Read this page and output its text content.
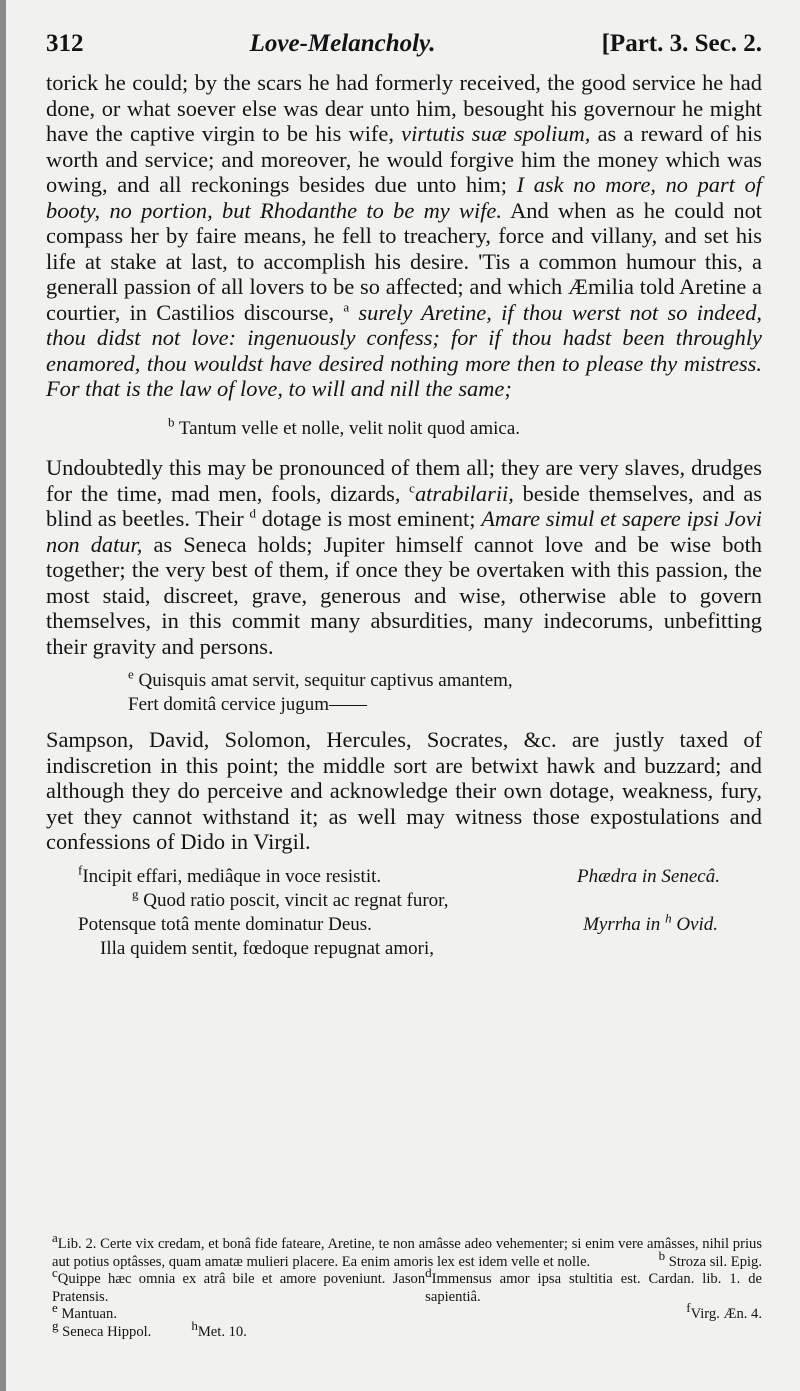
312	Love-Melancholy.	[Part. 3. Sec. 2.

torick he could; by the scars he had formerly received, the good service he had done, or what soever else was dear unto him, besought his governour he might have the captive virgin to be his wife, virtutis suæ spolium, as a reward of his worth and service; and moreover, he would forgive him the money which was owing, and all reckonings besides due unto him; I ask no more, no part of booty, no portion, but Rhodanthe to be my wife. And when as he could not compass her by faire means, he fell to treachery, force and villany, and set his life at stake at last, to accomplish his desire. 'Tis a common humour this, a generall passion of all lovers to be so affected; and which Æmilia told Aretine a courtier, in Castilios discourse, $^a$ surely Aretine, if thou werst not so indeed, thou didst not love: ingenuously confess; for if thou hadst been throughly enamored, thou wouldst have desired nothing more then to please thy mistress. For that is the law of love, to will and nill the same;

$^b$ Tantum velle et nolle, velit nolit quod amica.

Undoubtedly this may be pronounced of them all; they are very slaves, drudges for the time, mad men, fools, dizards, $^c$atrabilarii, beside themselves, and as blind as beetles. Their $^d$ dotage is most eminent; Amare simul et sapere ipsi Jovi non datur, as Seneca holds; Jupiter himself cannot love and be wise both together; the very best of them, if once they be overtaken with this passion, the most staid, discreet, grave, generous and wise, otherwise able to govern themselves, in this commit many absurdities, many indecorums, unbefitting their gravity and persons.

$^e$ Quisquis amat servit, sequitur captivus amantem,
Fert domitâ cervice jugum——

Sampson, David, Solomon, Hercules, Socrates, &c. are justly taxed of indiscretion in this point; the middle sort are betwixt hawk and buzzard; and although they do perceive and acknowledge their own dotage, weakness, fury, yet they cannot withstand it; as well may witness those expostulations and confessions of Dido in Virgil.

$^f$Incipit effari, mediâque in voce resistit.	Phædra in Senecâ.
$^g$ Quod ratio poscit, vincit ac regnat furor,
Potensque totâ mente dominatur Deus.	Myrrha in $^h$ Ovid.
Illa quidem sentit, fœdoque repugnat amori,

$^a$Lib. 2. Certe vix credam, et bonâ fide fateare, Aretine, te non amâsse adeo vehementer; si enim vere amâsses, nihil prius aut potius optâsses, quam amatæ mulieri placere. Ea enim amoris lex est idem velle et nolle.	$^b$ Stroza sil. Epig.

$^c$Quippe hæc omnia ex atrâ bile et amore poveniunt. Jason Pratensis.
$^d$Immensus amor ipsa stultitia est. Cardan. lib. 1. de sapientiâ.
$^e$ Mantuan.	$^f$Virg. Æn. 4.
$^g$ Seneca Hippol.	$^h$Met. 10.
